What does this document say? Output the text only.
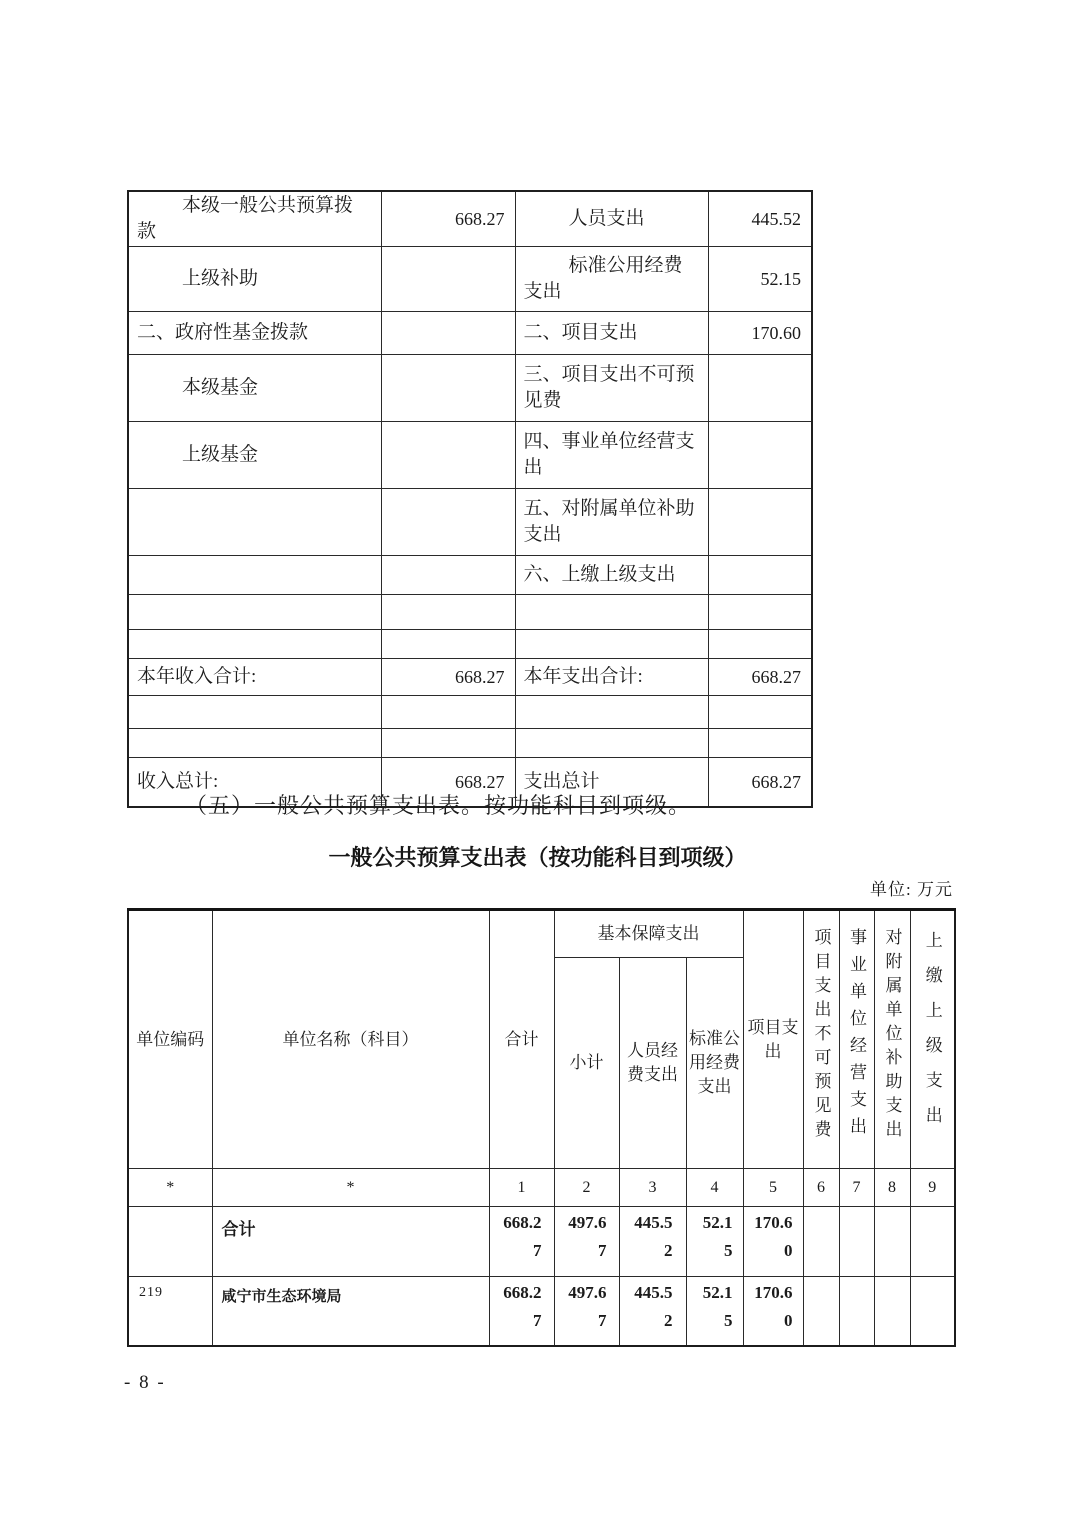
本级一般公共预算拨款	668.27	人员支出	445.52
上级补助		标准公用经费支出	52.15
二、政府性基金拨款		二、项目支出	170.60
本级基金		三、项目支出不可预见费	
上级基金		四、事业单位经营支出	
		五、对附属单位补助支出	
		六、上缴上级支出	

本年收入合计:	668.27	本年支出合计:	668.27

收入总计:	668.27	支出总计	668.27
（五）一般公共预算支出表。按功能科目到项级。
一般公共预算支出表（按功能科目到项级）
单位: 万元
单位编码	单位名称（科目）	合计	基本保障支出			项目支出	项目支出不可预见费	事业单位经营支出	对附属单位补助支出	上缴上级支出
			小计	人员经费支出	标准公用经费支出					
*	*	1	2	3	4	5	6	7	8	9
	合计	668.27	497.67	445.52	52.15	170.60				
219	咸宁市生态环境局	668.27	497.67	445.52	52.15	170.60				
- 8 -
